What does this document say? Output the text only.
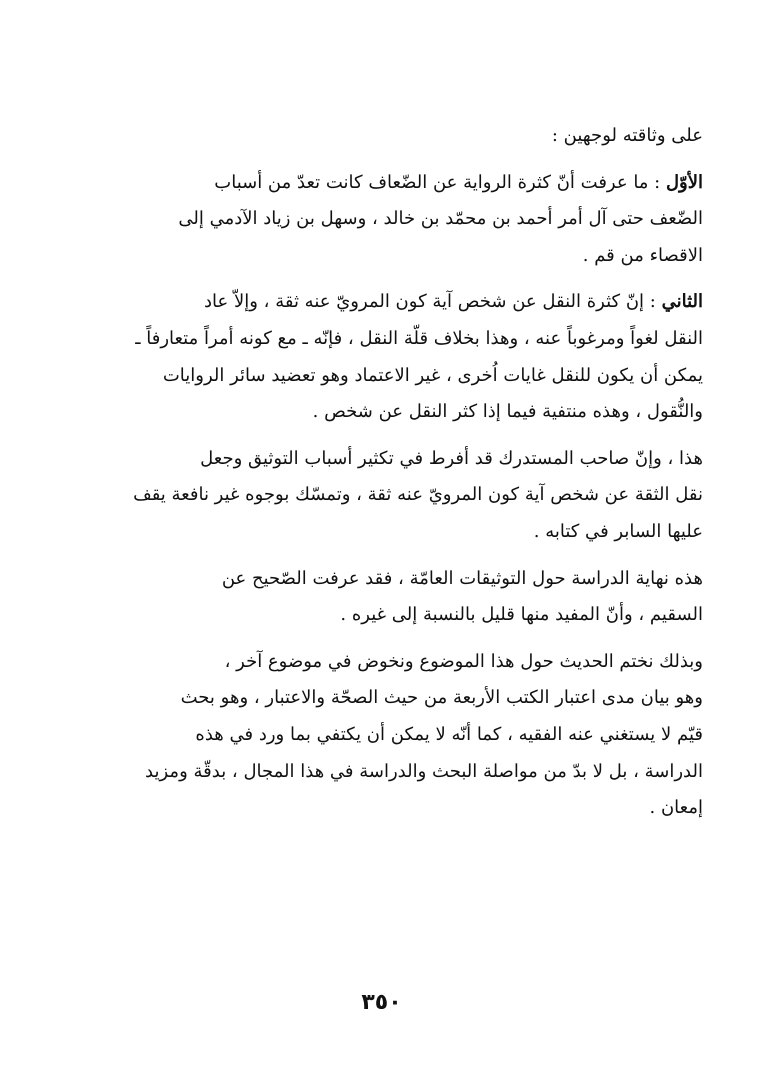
على وثاقته لوجهين :
الأوّل : ما عرفت أنّ كثرة الرواية عن الضّعاف كانت تعدّ من أسباب
الضّعف حتى آل أمر أحمد بن محمّد بن خالد ، وسهل بن زياد الآدمي إلى
الاقصاء من قم .
الثاني : إنّ كثرة النقل عن شخص آية كون المرويّ عنه ثقة ، وإلاّ عاد
النقل لغواً ومرغوباً عنه ، وهذا بخلاف قلّة النقل ، فإنّه ـ مع كونه أمراً متعارفاً ـ
يمكن أن يكون للنقل غايات اُخرى ، غير الاعتماد وهو تعضيد سائر الروايات
والنُّقول ، وهذه منتفية فيما إذا كثر النقل عن شخص .
هذا ، وإنّ صاحب المستدرك قد أفرط في تكثير أسباب التوثيق وجعل
نقل الثقة عن شخص آية كون المرويّ عنه ثقة ، وتمسّك بوجوه غير نافعة يقف
عليها السابر في كتابه .
هذه نهاية الدراسة حول التوثيقات العامّة ، فقد عرفت الصّحيح عن
السقيم ، وأنّ المفيد منها قليل بالنسبة إلى غيره .
وبذلك نختم الحديث حول هذا الموضوع ونخوض في موضوع آخر ،
وهو بيان مدى اعتبار الكتب الأربعة من حيث الصحّة والاعتبار ، وهو بحث
قيّم لا يستغني عنه الفقيه ، كما أنّه لا يمكن أن يكتفي بما ورد في هذه
الدراسة ، بل لا بدّ من مواصلة البحث والدراسة في هذا المجال ، بدقّة ومزيد
إمعان .
٣٥٠
